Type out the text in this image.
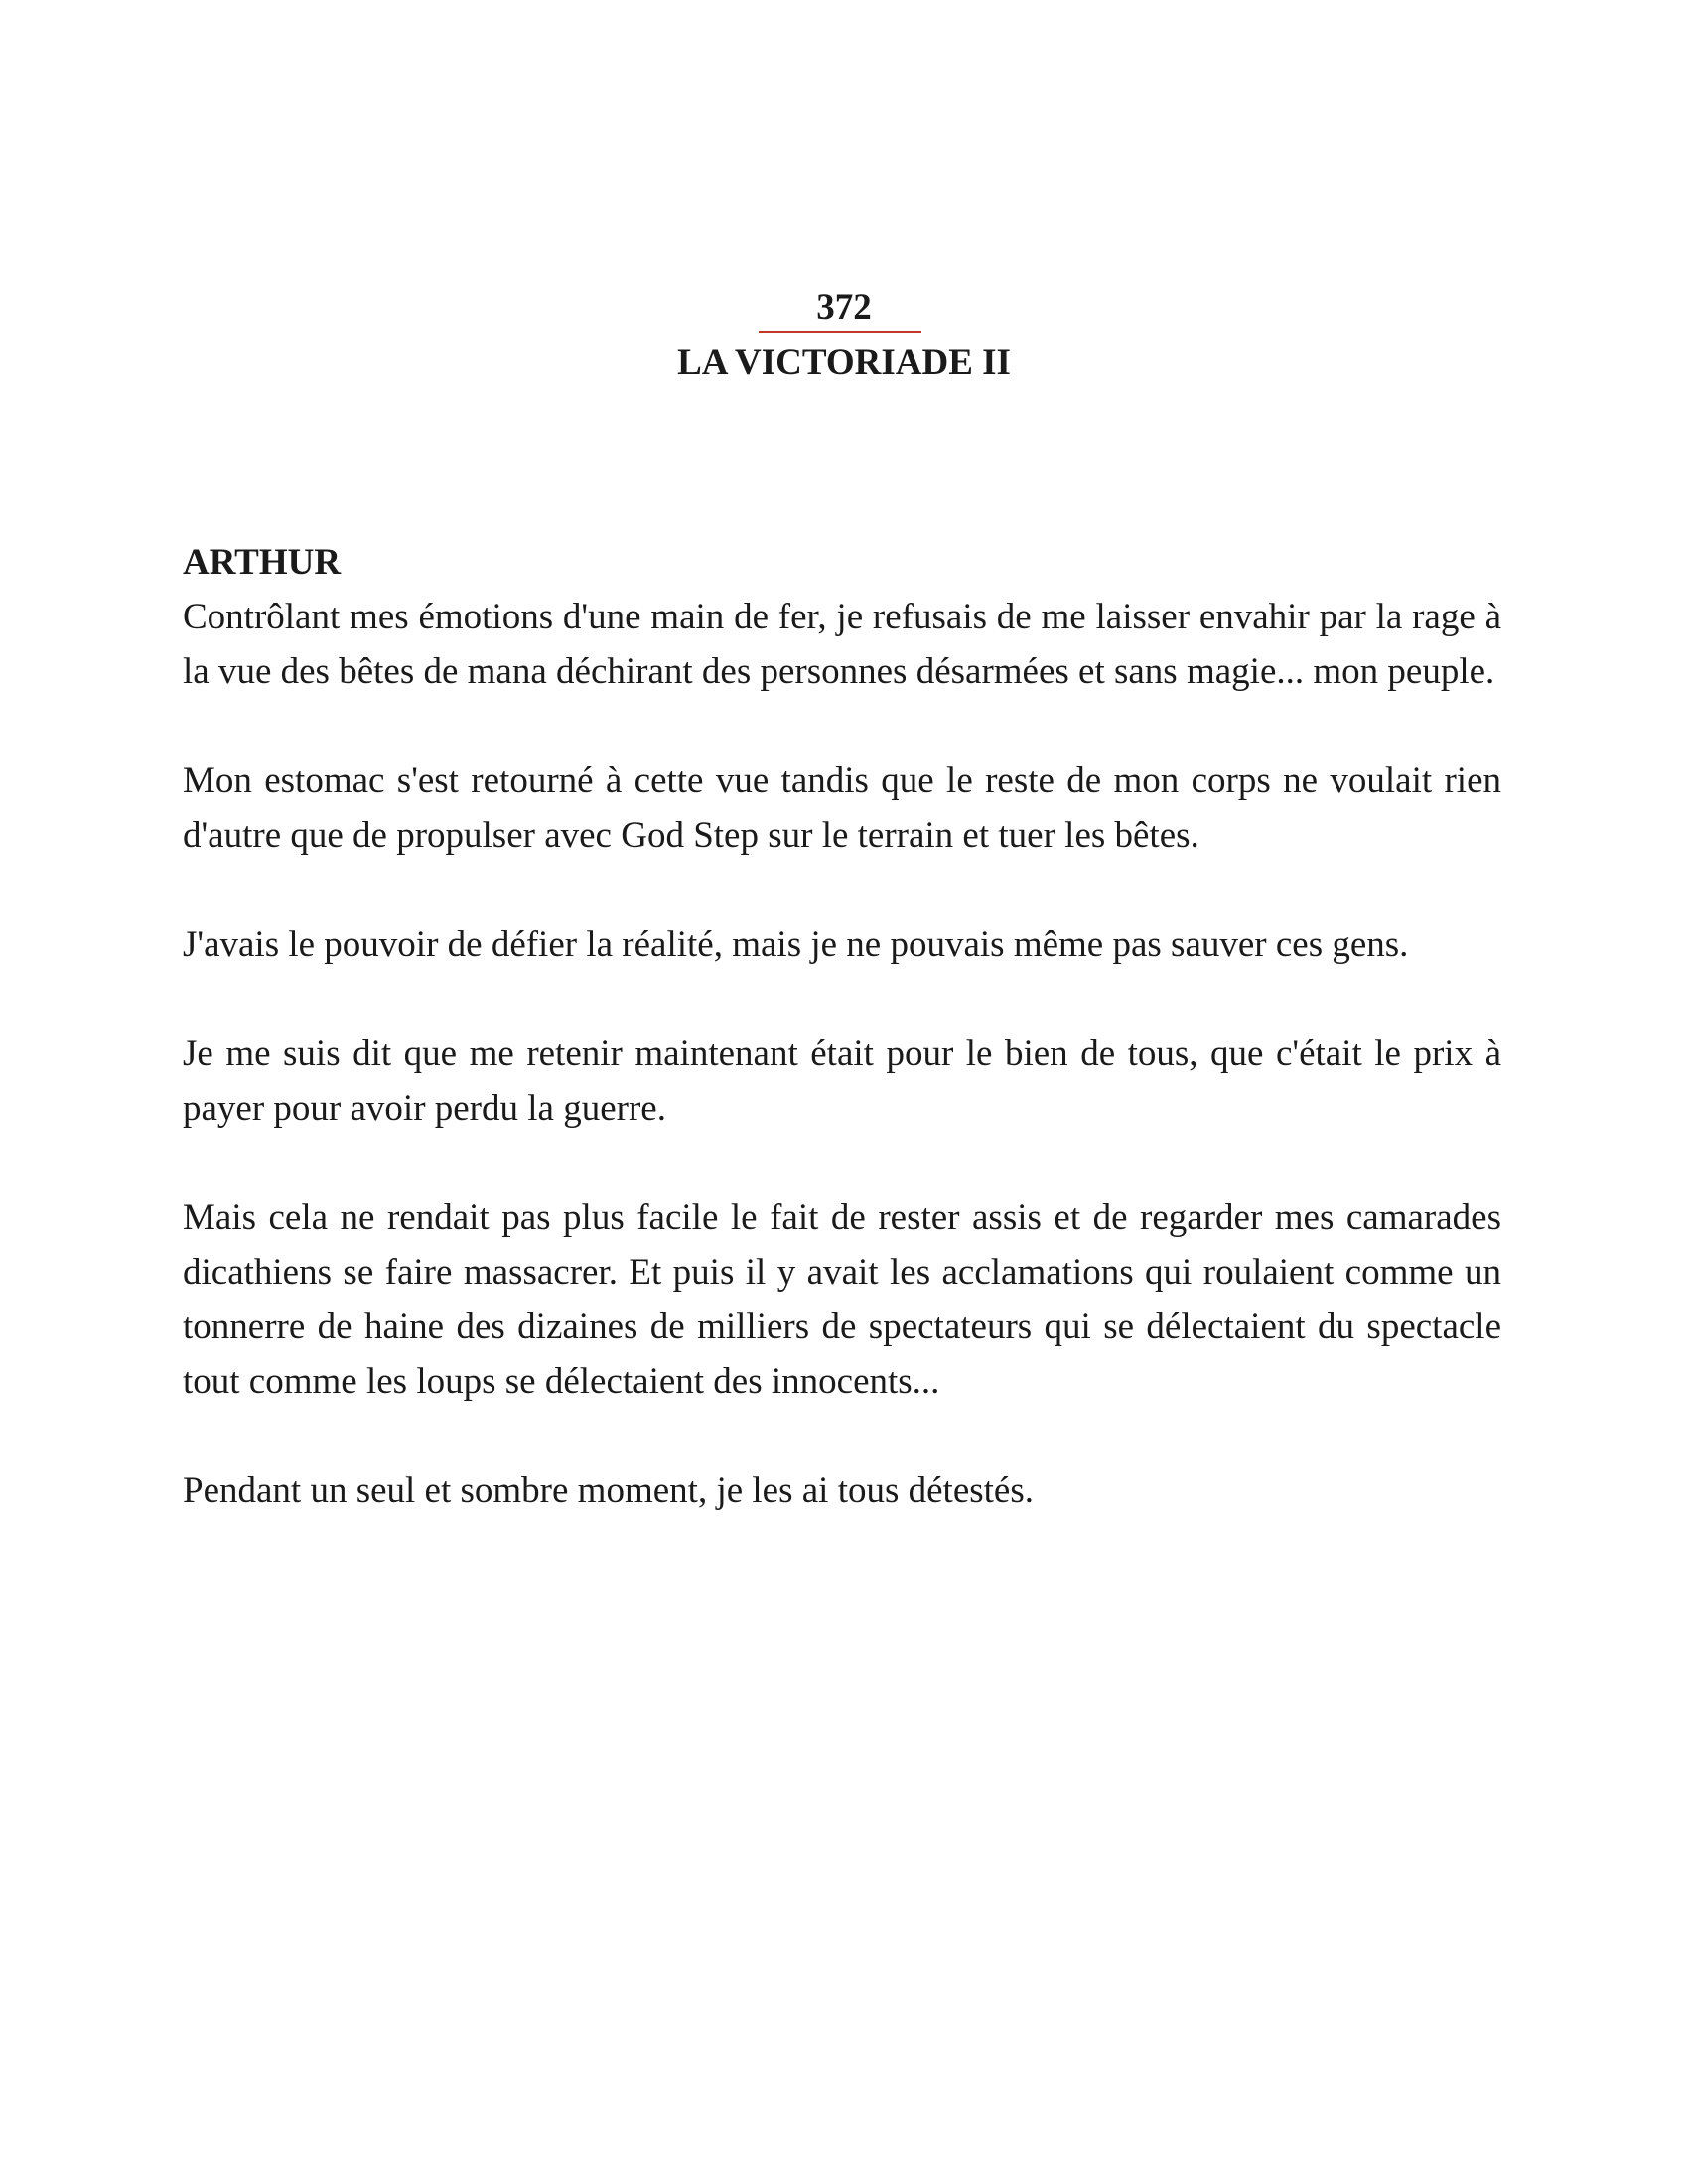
372
LA VICTORIADE II

ARTHUR

Contrôlant mes émotions d'une main de fer, je refusais de me laisser envahir par la rage à la vue des bêtes de mana déchirant des personnes désarmées et sans magie... mon peuple.

Mon estomac s'est retourné à cette vue tandis que le reste de mon corps ne voulait rien d'autre que de propulser avec God Step sur le terrain et tuer les bêtes.

J'avais le pouvoir de défier la réalité, mais je ne pouvais même pas sauver ces gens.

Je me suis dit que me retenir maintenant était pour le bien de tous, que c'était le prix à payer pour avoir perdu la guerre.

Mais cela ne rendait pas plus facile le fait de rester assis et de regarder mes camarades dicathiens se faire massacrer. Et puis il y avait les acclamations qui roulaient comme un tonnerre de haine des dizaines de milliers de spectateurs qui se délectaient du spectacle tout comme les loups se délectaient des innocents...

Pendant un seul et sombre moment, je les ai tous détestés.
